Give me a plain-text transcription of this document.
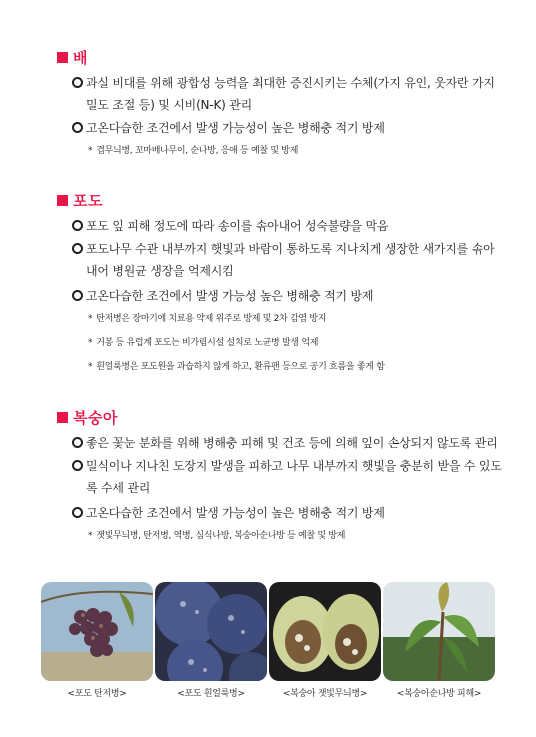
배
과실 비대를 위해 광합성 능력을 최대한 증진시키는 수체(가지 유인, 웃자란 가지 밀도 조절 등) 및 시비(N-K) 관리
고온다습한 조건에서 발생 가능성이 높은 병해충 적기 방제
* 겹무늬병, 꼬마배나무이, 순나방, 응애 등 예찰 및 방제
포도
포도 잎 피해 정도에 따라 송이를 솎아내어 성숙불량을 막음
포도나무 수관 내부까지 햇빛과 바람이 통하도록 지나치게 생장한 새가지를 솎아내어 병원균 생장을 억제시킴
고온다습한 조건에서 발생 가능성 높은 병해충 적기 방제
* 탄저병은 장마기에 치료용 약제 위주로 방제 및 2차 감염 방지
* 거봉 등 유럽계 포도는 비가림시설 설치로 노균병 발생 억제
* 흰얼룩병은 포도원을 과습하지 않게 하고, 환류팬 등으로 공기 흐름을 좋게 함
복숭아
좋은 꽃눈 분화를 위해 병해충 피해 및 건조 등에 의해 잎이 손상되지 않도록 관리
밀식이나 지나친 도장지 발생을 피하고 나무 내부까지 햇빛을 충분히 받을 수 있도록 수세 관리
고온다습한 조건에서 발생 가능성이 높은 병해충 적기 방제
* 잿빛무늬병, 탄저병, 역병, 심식나방, 복숭아순나방 등 예찰 및 방제
<포도 탄저병>	<포도 흰얼룩병>	<복숭아 잿빛무늬병>	<복숭아순나방 피해>
